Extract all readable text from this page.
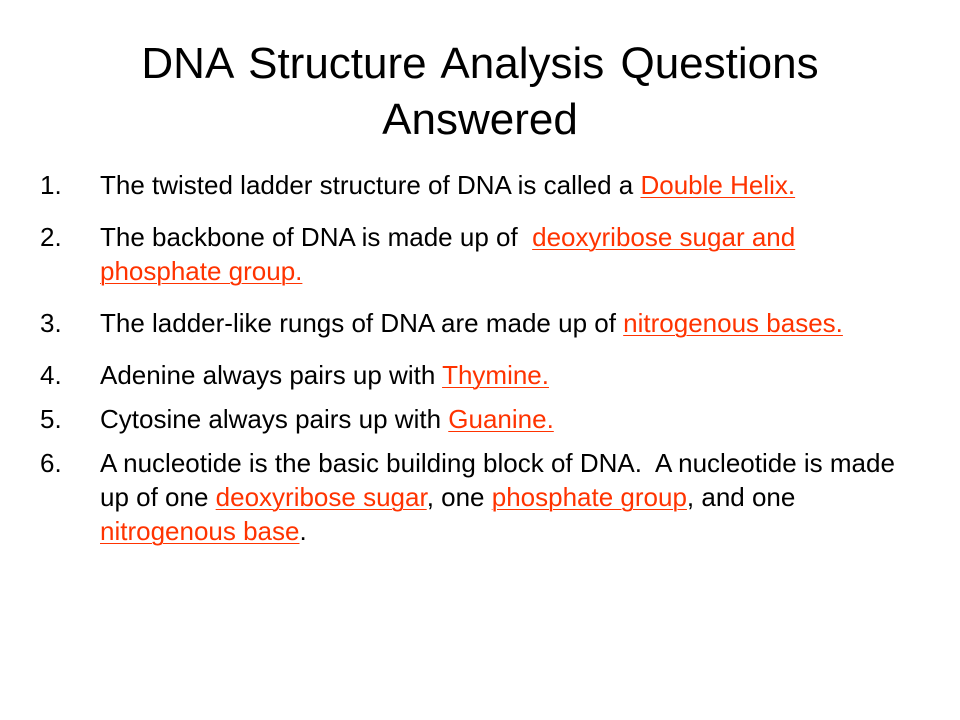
DNA Structure Analysis Questions Answered
1. The twisted ladder structure of DNA is called a Double Helix.
2. The backbone of DNA is made up of  deoxyribose sugar and phosphate group.
3. The ladder-like rungs of DNA are made up of nitrogenous bases.
4. Adenine always pairs up with Thymine.
5. Cytosine always pairs up with Guanine.
6. A nucleotide is the basic building block of DNA.  A nucleotide is made up of one deoxyribose sugar, one phosphate group, and one nitrogenous base.
